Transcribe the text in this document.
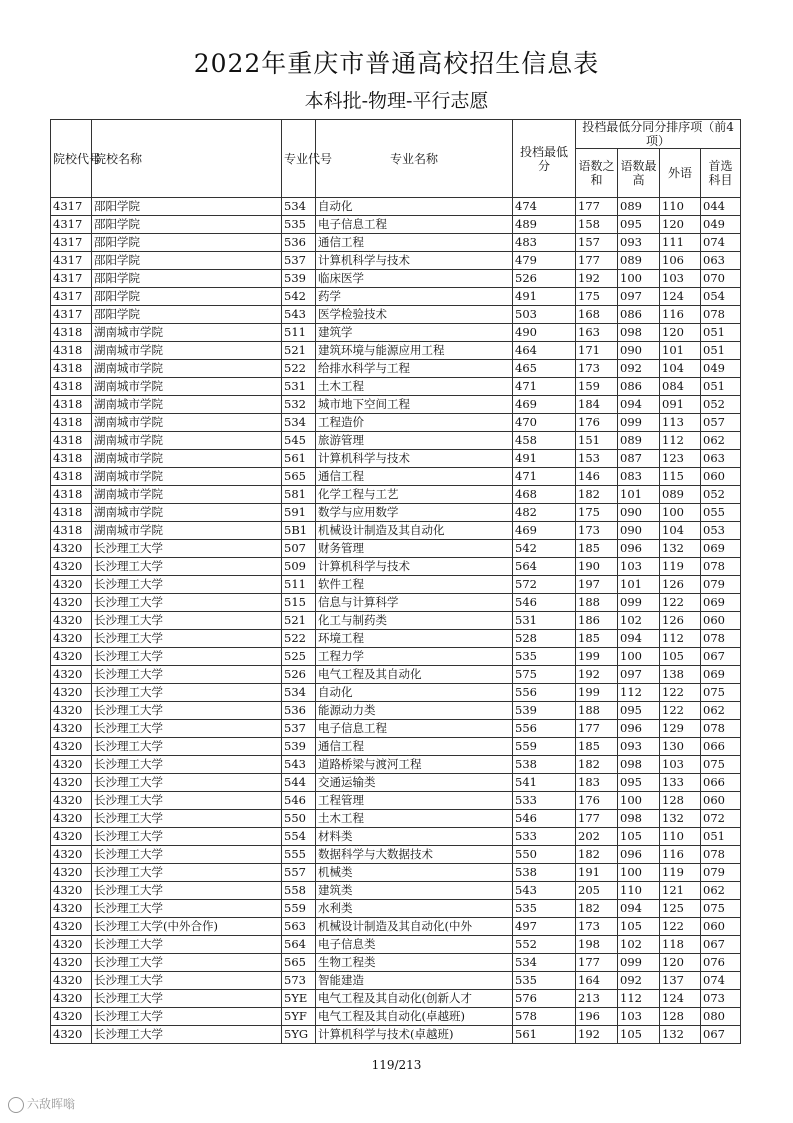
2022年重庆市普通高校招生信息表
本科批-物理-平行志愿
院校代号	院校名称	专业代号	专业名称	投档最低分	投档最低分同分排序项（前4项）			
					语数之和	语数最高	外语	首选科目
4317	邵阳学院	534	自动化	474	177	089	110	044
4317	邵阳学院	535	电子信息工程	489	158	095	120	049
4317	邵阳学院	536	通信工程	483	157	093	111	074
4317	邵阳学院	537	计算机科学与技术	479	177	089	106	063
4317	邵阳学院	539	临床医学	526	192	100	103	070
4317	邵阳学院	542	药学	491	175	097	124	054
4317	邵阳学院	543	医学检验技术	503	168	086	116	078
4318	湖南城市学院	511	建筑学	490	163	098	120	051
4318	湖南城市学院	521	建筑环境与能源应用工程	464	171	090	101	051
4318	湖南城市学院	522	给排水科学与工程	465	173	092	104	049
4318	湖南城市学院	531	土木工程	471	159	086	084	051
4318	湖南城市学院	532	城市地下空间工程	469	184	094	091	052
4318	湖南城市学院	534	工程造价	470	176	099	113	057
4318	湖南城市学院	545	旅游管理	458	151	089	112	062
4318	湖南城市学院	561	计算机科学与技术	491	153	087	123	063
4318	湖南城市学院	565	通信工程	471	146	083	115	060
4318	湖南城市学院	581	化学工程与工艺	468	182	101	089	052
4318	湖南城市学院	591	数学与应用数学	482	175	090	100	055
4318	湖南城市学院	5B1	机械设计制造及其自动化	469	173	090	104	053
4320	长沙理工大学	507	财务管理	542	185	096	132	069
4320	长沙理工大学	509	计算机科学与技术	564	190	103	119	078
4320	长沙理工大学	511	软件工程	572	197	101	126	079
4320	长沙理工大学	515	信息与计算科学	546	188	099	122	069
4320	长沙理工大学	521	化工与制药类	531	186	102	126	060
4320	长沙理工大学	522	环境工程	528	185	094	112	078
4320	长沙理工大学	525	工程力学	535	199	100	105	067
4320	长沙理工大学	526	电气工程及其自动化	575	192	097	138	069
4320	长沙理工大学	534	自动化	556	199	112	122	075
4320	长沙理工大学	536	能源动力类	539	188	095	122	062
4320	长沙理工大学	537	电子信息工程	556	177	096	129	078
4320	长沙理工大学	539	通信工程	559	185	093	130	066
4320	长沙理工大学	543	道路桥梁与渡河工程	538	182	098	103	075
4320	长沙理工大学	544	交通运输类	541	183	095	133	066
4320	长沙理工大学	546	工程管理	533	176	100	128	060
4320	长沙理工大学	550	土木工程	546	177	098	132	072
4320	长沙理工大学	554	材料类	533	202	105	110	051
4320	长沙理工大学	555	数据科学与大数据技术	550	182	096	116	078
4320	长沙理工大学	557	机械类	538	191	100	119	079
4320	长沙理工大学	558	建筑类	543	205	110	121	062
4320	长沙理工大学	559	水利类	535	182	094	125	075
4320	长沙理工大学(中外合作)	563	机械设计制造及其自动化(中外	497	173	105	122	060
4320	长沙理工大学	564	电子信息类	552	198	102	118	067
4320	长沙理工大学	565	生物工程类	534	177	099	120	076
4320	长沙理工大学	573	智能建造	535	164	092	137	074
4320	长沙理工大学	5YE	电气工程及其自动化(创新人才	576	213	112	124	073
4320	长沙理工大学	5YF	电气工程及其自动化(卓越班)	578	196	103	128	080
4320	长沙理工大学	5YG	计算机科学与技术(卓越班)	561	192	105	132	067
119/213
六敌晖嗡
